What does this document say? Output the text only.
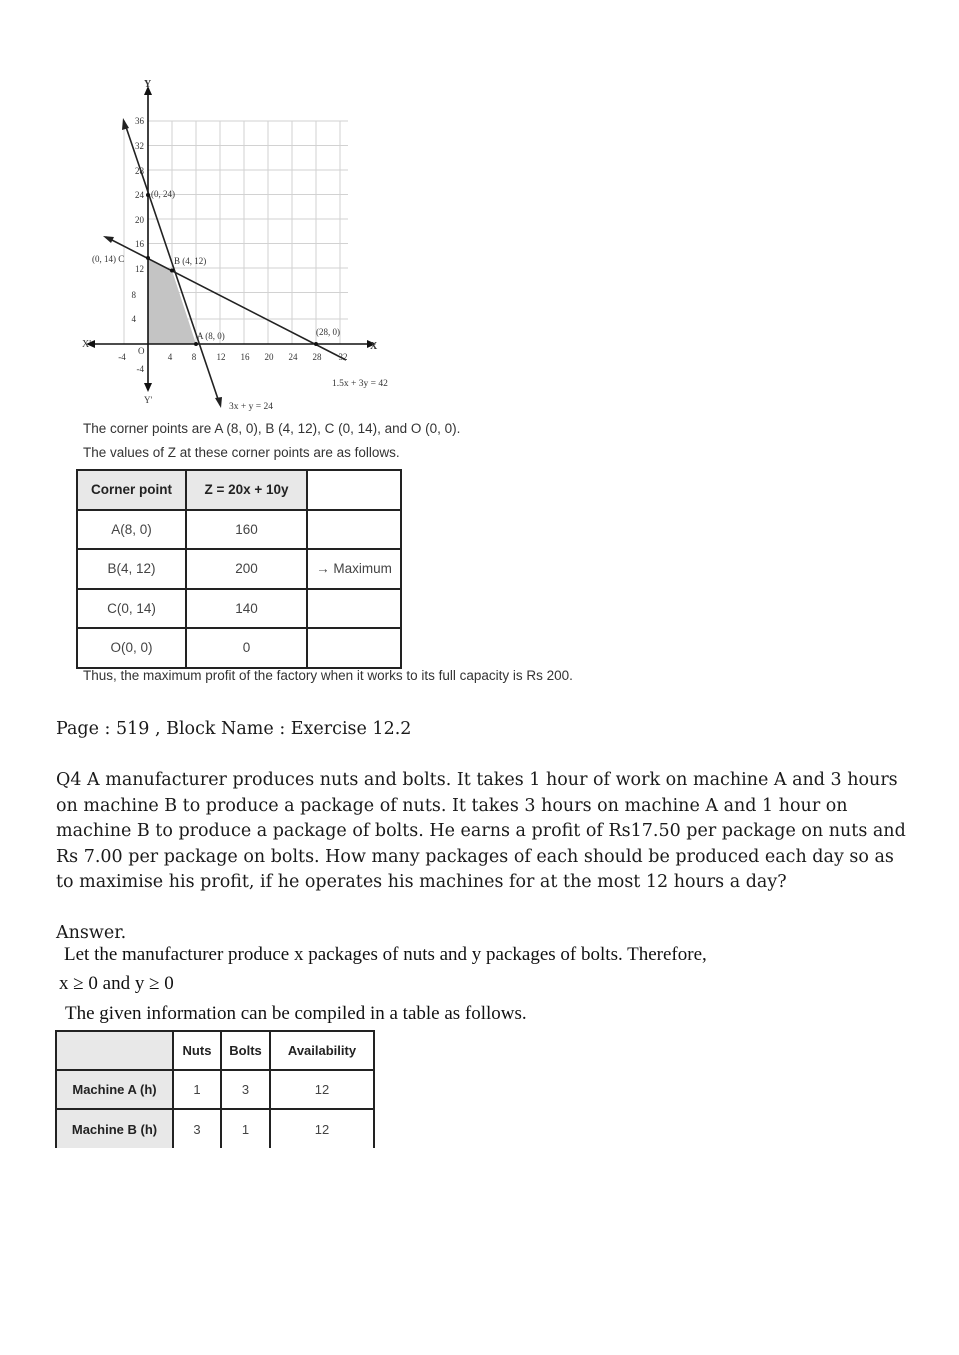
Y
Y'
X
X'
O
-4	4 8 12 16 20 24 28 32
36
32
28
24
20
16
12
8
4
-4
(0, 24)
(0, 14) C	B (4, 12)
A (8, 0)	(28, 0)
1.5x + 3y = 42
3x + y = 24
The corner points are A (8, 0), B (4, 12), C (0, 14), and O (0, 0).
The values of Z at these corner points are as follows.
Corner point	Z = 20x + 10y	
A(8, 0)	160	
B(4, 12)	200	→ Maximum
C(0, 14)	140	
O(0, 0)	0	
Thus, the maximum profit of the factory when it works to its full capacity is Rs 200.
Page : 519 , Block Name : Exercise 12.2
Q4 A manufacturer produces nuts and bolts. It takes 1 hour of work on machine A and 3 hours on machine B to produce a package of nuts. It takes 3 hours on machine A and 1 hour on machine B to produce a package of bolts. He earns a profit of Rs17.50 per package on nuts and Rs 7.00 per package on bolts. How many packages of each should be produced each day so as to maximise his profit, if he operates his machines for at the most 12 hours a day?
Answer.
Let the manufacturer produce x packages of nuts and y packages of bolts. Therefore,
x ≥ 0 and y ≥ 0
The given information can be compiled in a table as follows.
	Nuts	Bolts	Availability
Machine A (h)	1	3	12
Machine B (h)	3	1	12
